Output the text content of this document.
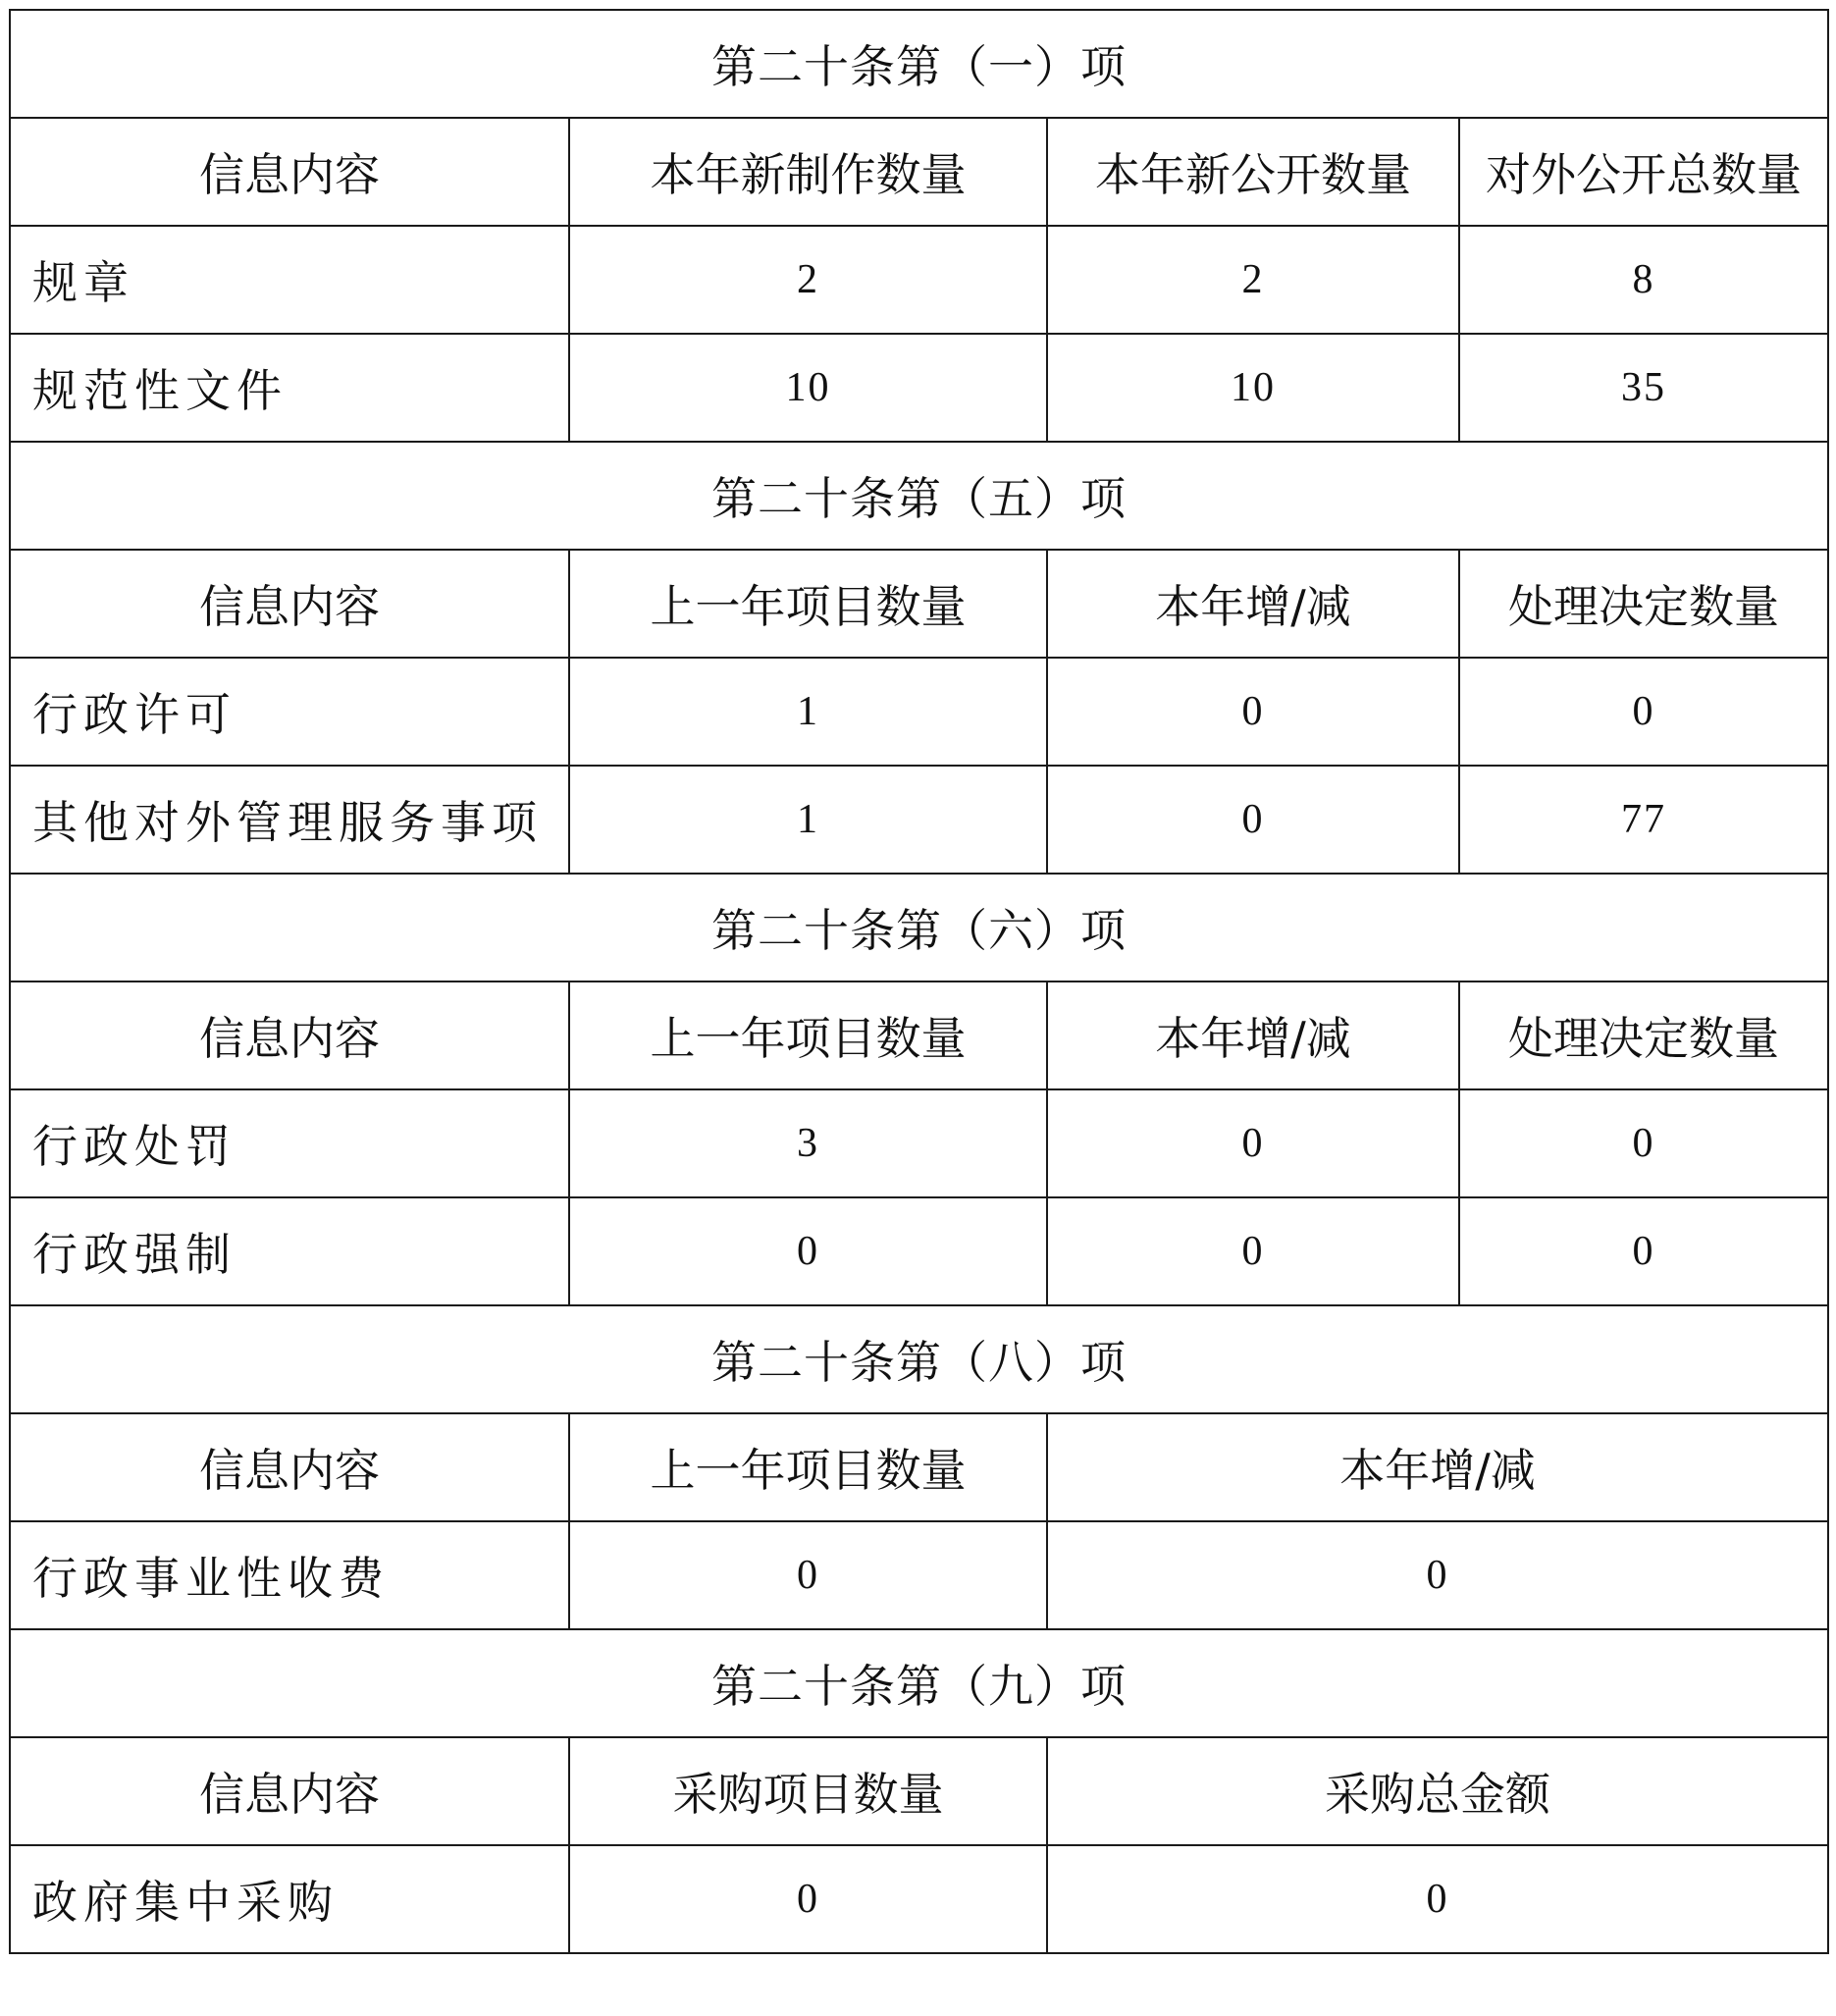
第二十条第（一）项			
信息内容	本年新制作数量	本年新公开数量	对外公开总数量
规章	2	2	8
规范性文件	10	10	35
第二十条第（五）项			
信息内容	上一年项目数量	本年增/减	处理决定数量
行政许可	1	0	0
其他对外管理服务事项	1	0	77
第二十条第（六）项			
信息内容	上一年项目数量	本年增/减	处理决定数量
行政处罚	3	0	0
行政强制	0	0	0
第二十条第（八）项			
信息内容	上一年项目数量	本年增/减	
行政事业性收费	0	0	
第二十条第（九）项			
信息内容	采购项目数量	采购总金额	
政府集中采购	0	0	
